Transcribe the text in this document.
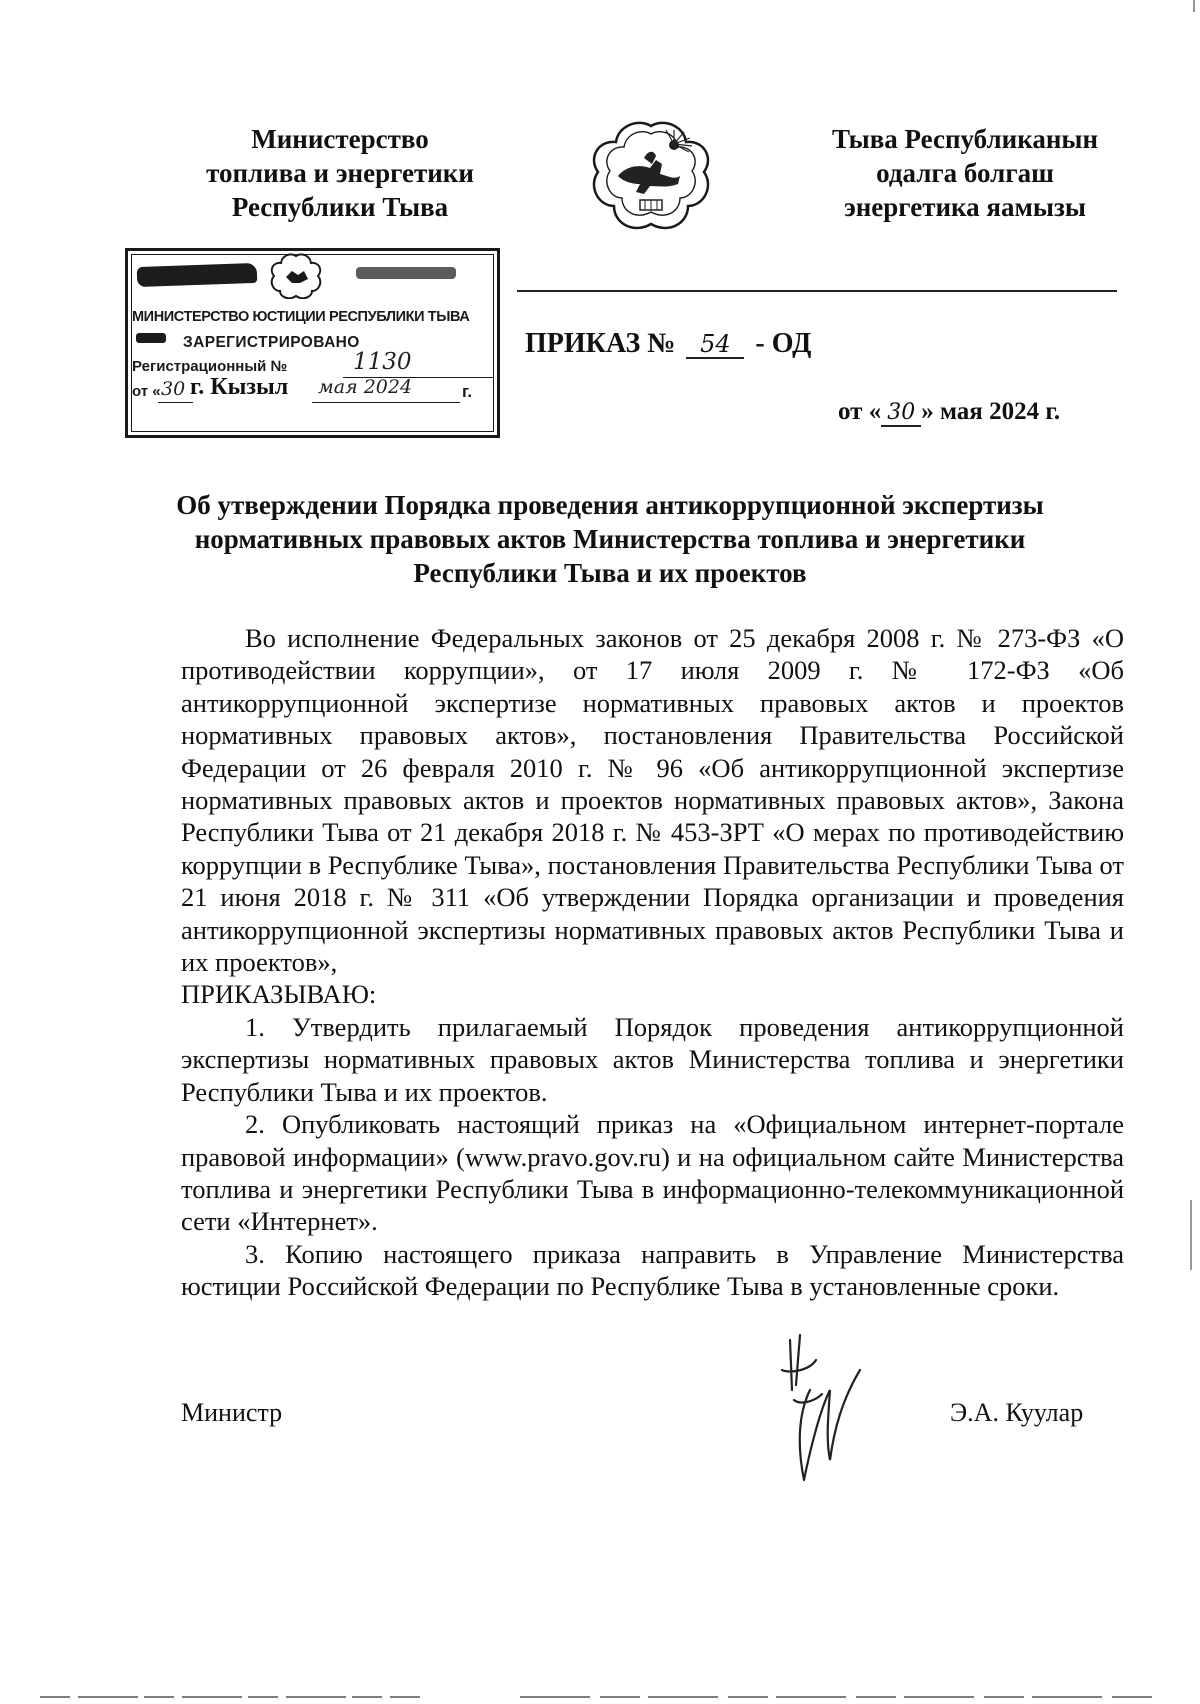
Министерство
топлива и энергетики
Республики Тыва
Тыва Республиканын
одалга болгаш
энергетика яамызы
МИНИСТЕРСТВО ЮСТИЦИИ РЕСПУБЛИКИ ТЫВА
ЗАРЕГИСТРИРОВАНО
Регистрационный №	1130
от « 30 г. Кызыл мая 2024	г.
ПРИКАЗ № 54 - ОД
от « 30 » мая 2024 г.
Об утверждении Порядка проведения антикоррупционной экспертизы нормативных правовых актов Министерства топлива и энергетики Республики Тыва и их проектов

Во исполнение Федеральных законов от 25 декабря 2008 г. № 273-ФЗ «О противодействии коррупции», от 17 июля 2009 г. № 172-ФЗ «Об антикоррупционной экспертизе нормативных правовых актов и проектов нормативных правовых актов», постановления Правительства Российской Федерации от 26 февраля 2010 г. № 96 «Об антикоррупционной экспертизе нормативных правовых актов и проектов нормативных правовых актов», Закона Республики Тыва от 21 декабря 2018 г. № 453-ЗРТ «О мерах по противодействию коррупции в Республике Тыва», постановления Правительства Республики Тыва от 21 июня 2018 г. № 311 «Об утверждении Порядка организации и проведения антикоррупционной экспертизы нормативных правовых актов Республики Тыва и их проектов»,

ПРИКАЗЫВАЮ:

1. Утвердить прилагаемый Порядок проведения антикоррупционной экспертизы нормативных правовых актов Министерства топлива и энергетики Республики Тыва и их проектов.

2. Опубликовать настоящий приказ на «Официальном интернет-портале правовой информации» (www.pravo.gov.ru) и на официальном сайте Министерства топлива и энергетики Республики Тыва в информационно-телекоммуникационной сети «Интернет».

3. Копию настоящего приказа направить в Управление Министерства юстиции Российской Федерации по Республике Тыва в установленные сроки.

Министр	Э.А. Куулар
